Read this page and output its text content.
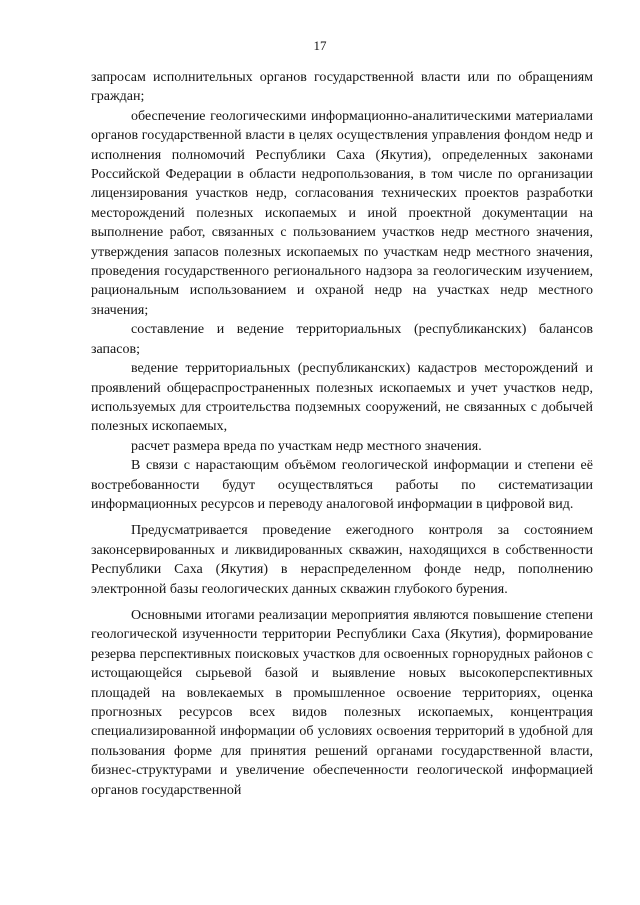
17

запросам исполнительных органов государственной власти или по обращениям граждан;

обеспечение геологическими информационно-аналитическими материалами органов государственной власти в целях осуществления управления фондом недр и исполнения полномочий Республики Саха (Якутия), определенных законами Российской Федерации в области недропользования, в том числе по организации лицензирования участков недр, согласования технических проектов разработки месторождений полезных ископаемых и иной проектной документации на выполнение работ, связанных с пользованием участков недр местного значения, утверждения запасов полезных ископаемых по участкам недр местного значения, проведения государственного регионального надзора за геологическим изучением, рациональным использованием и охраной недр на участках недр местного значения;

составление и ведение территориальных (республиканских) балансов запасов;

ведение территориальных (республиканских) кадастров месторождений и проявлений общераспространенных полезных ископаемых и учет участков недр, используемых для строительства подземных сооружений, не связанных с добычей полезных ископаемых,

расчет размера вреда по участкам недр местного значения.

В связи с нарастающим объёмом геологической информации и степени её востребованности будут осуществляться работы по систематизации информационных ресурсов и переводу аналоговой информации в цифровой вид.

Предусматривается проведение ежегодного контроля за состоянием законсервированных и ликвидированных скважин, находящихся в собственности Республики Саха (Якутия) в нераспределенном фонде недр, пополнению электронной базы геологических данных скважин глубокого бурения.

Основными итогами реализации мероприятия являются повышение степени геологической изученности территории Республики Саха (Якутия), формирование резерва перспективных поисковых участков для освоенных горнорудных районов с истощающейся сырьевой базой и выявление новых высокоперспективных площадей на вовлекаемых в промышленное освоение территориях, оценка прогнозных ресурсов всех видов полезных ископаемых, концентрация специализированной информации об условиях освоения территорий в удобной для пользования форме для принятия решений органами государственной власти, бизнес-структурами и увеличение обеспеченности геологической информацией органов государственной
